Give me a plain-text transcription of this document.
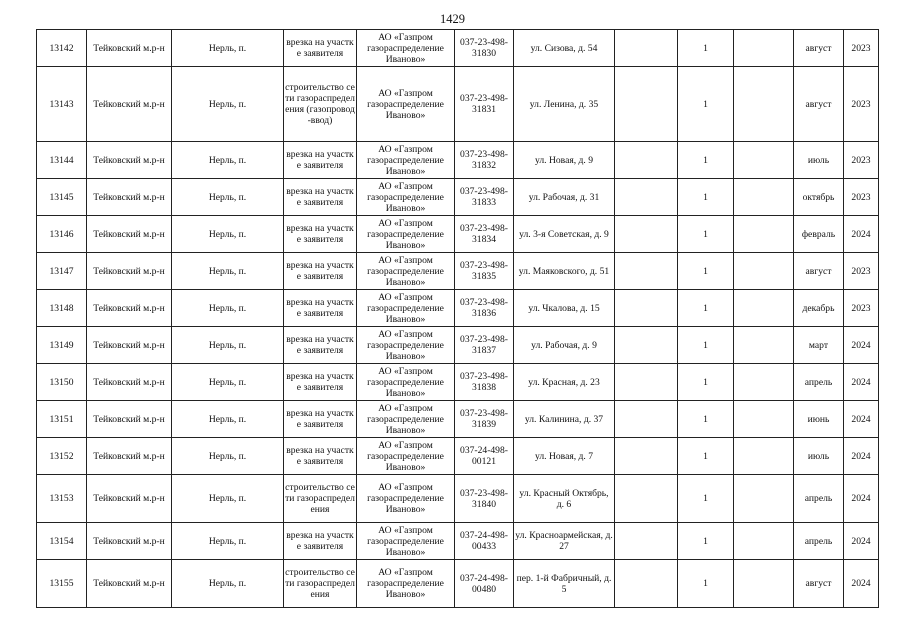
1429
13142	Тейковский м.р-н	Нерль, п.	врезка на участке заявителя	АО «Газпром газораспределение Иваново»	037-23-498-31830	ул. Сизова, д. 54		1		август	2023
13143	Тейковский м.р-н	Нерль, п.	строительство сети газораспределения (газопровод-ввод)	АО «Газпром газораспределение Иваново»	037-23-498-31831	ул. Ленина, д. 35		1		август	2023
13144	Тейковский м.р-н	Нерль, п.	врезка на участке заявителя	АО «Газпром газораспределение Иваново»	037-23-498-31832	ул. Новая, д. 9		1		июль	2023
13145	Тейковский м.р-н	Нерль, п.	врезка на участке заявителя	АО «Газпром газораспределение Иваново»	037-23-498-31833	ул. Рабочая, д. 31		1		октябрь	2023
13146	Тейковский м.р-н	Нерль, п.	врезка на участке заявителя	АО «Газпром газораспределение Иваново»	037-23-498-31834	ул. 3-я Советская, д. 9		1		февраль	2024
13147	Тейковский м.р-н	Нерль, п.	врезка на участке заявителя	АО «Газпром газораспределение Иваново»	037-23-498-31835	ул. Маяковского, д. 51		1		август	2023
13148	Тейковский м.р-н	Нерль, п.	врезка на участке заявителя	АО «Газпром газораспределение Иваново»	037-23-498-31836	ул. Чкалова, д. 15		1		декабрь	2023
13149	Тейковский м.р-н	Нерль, п.	врезка на участке заявителя	АО «Газпром газораспределение Иваново»	037-23-498-31837	ул. Рабочая, д. 9		1		март	2024
13150	Тейковский м.р-н	Нерль, п.	врезка на участке заявителя	АО «Газпром газораспределение Иваново»	037-23-498-31838	ул. Красная, д. 23		1		апрель	2024
13151	Тейковский м.р-н	Нерль, п.	врезка на участке заявителя	АО «Газпром газораспределение Иваново»	037-23-498-31839	ул. Калинина, д. 37		1		июнь	2024
13152	Тейковский м.р-н	Нерль, п.	врезка на участке заявителя	АО «Газпром газораспределение Иваново»	037-24-498-00121	ул. Новая, д. 7		1		июль	2024
13153	Тейковский м.р-н	Нерль, п.	строительство сети газораспределения	АО «Газпром газораспределение Иваново»	037-23-498-31840	ул. Красный Октябрь, д. 6		1		апрель	2024
13154	Тейковский м.р-н	Нерль, п.	врезка на участке заявителя	АО «Газпром газораспределение Иваново»	037-24-498-00433	ул. Красноармейская, д. 27		1		апрель	2024
13155	Тейковский м.р-н	Нерль, п.	строительство сети газораспределения	АО «Газпром газораспределение Иваново»	037-24-498-00480	пер. 1-й Фабричный, д. 5		1		август	2024
